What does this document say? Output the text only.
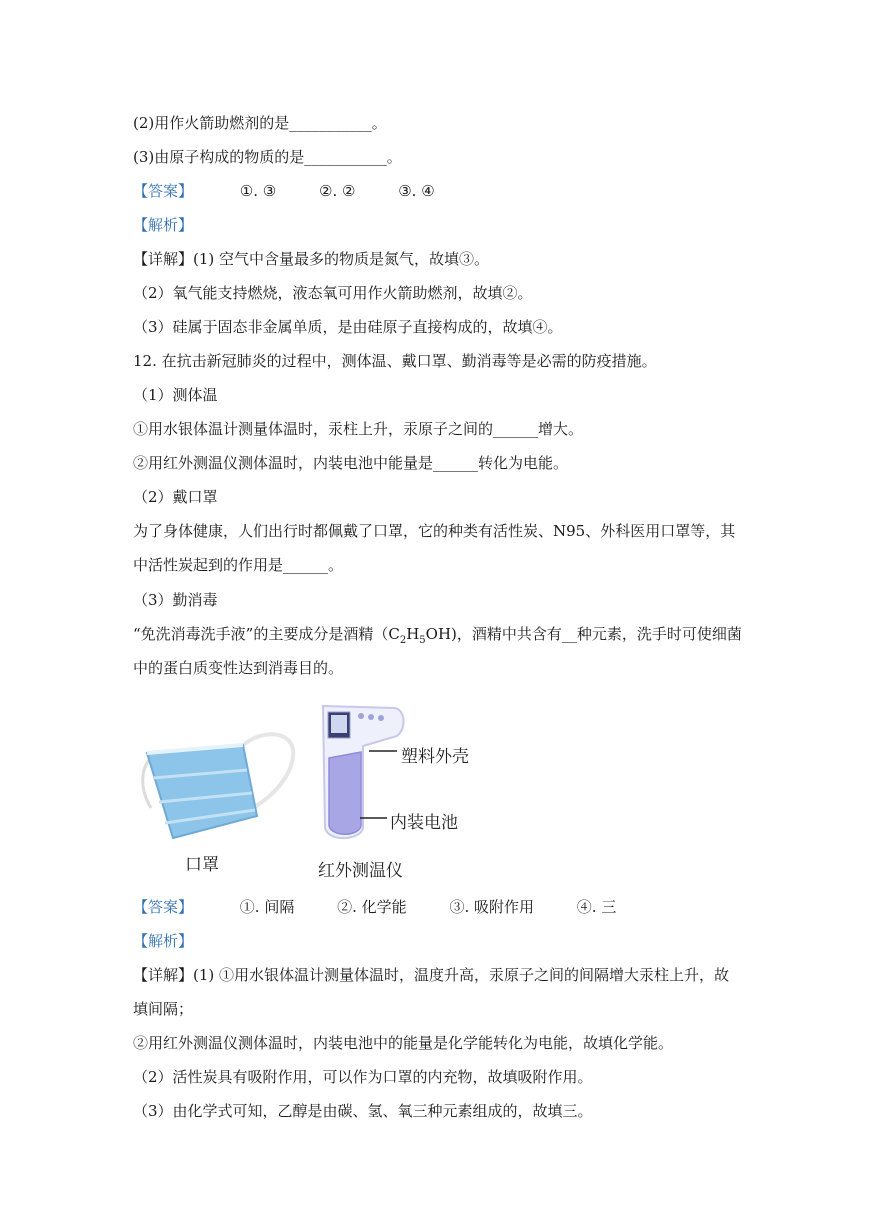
(2)用作火箭助燃剂的是___________。
(3)由原子构成的物质的是___________。
【答案】	①. ③	②. ②	③. ④
【解析】
【详解】(1) 空气中含量最多的物质是氮气，故填③。
（2）氧气能支持燃烧，液态氧可用作火箭助燃剂，故填②。
（3）硅属于固态非金属单质，是由硅原子直接构成的，故填④。
12. 在抗击新冠肺炎的过程中，测体温、戴口罩、勤消毒等是必需的防疫措施。
（1）测体温
①用水银体温计测量体温时，汞柱上升，汞原子之间的______增大。
②用红外测温仪测体温时，内装电池中能量是______转化为电能。
（2）戴口罩
为了身体健康，人们出行时都佩戴了口罩，它的种类有活性炭、N95、外科医用口罩等，其
中活性炭起到的作用是______。
（3）勤消毒
“免洗消毒洗手液”的主要成分是酒精$(C_2H_5OH)$，酒精中共含有__种元素，洗手时可使细菌
中的蛋白质变性达到消毒目的。
塑料外壳
内装电池
口罩	红外测温仪
【答案】	①. 间隔	②. 化学能	③. 吸附作用	④. 三
【解析】
【详解】(1) ①用水银体温计测量体温时，温度升高，汞原子之间的间隔增大汞柱上升，故
填间隔；
②用红外测温仪测体温时，内装电池中的能量是化学能转化为电能，故填化学能。
（2）活性炭具有吸附作用，可以作为口罩的内充物，故填吸附作用。
（3）由化学式可知，乙醇是由碳、氢、氧三种元素组成的，故填三。
